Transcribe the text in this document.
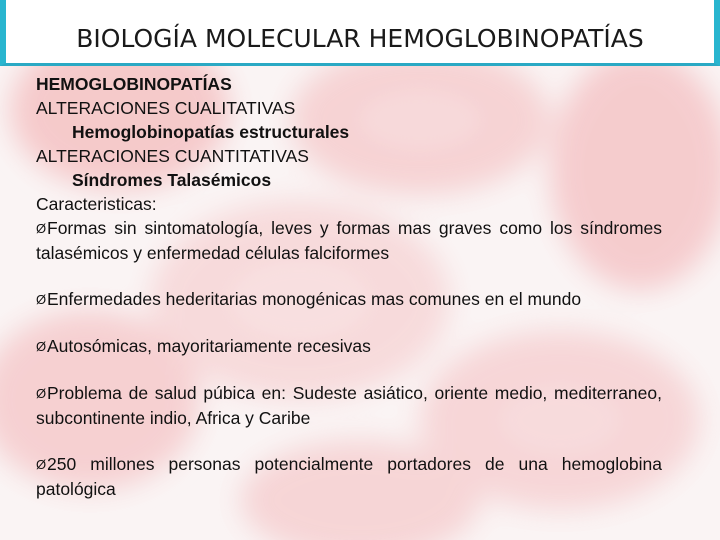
BIOLOGÍA MOLECULAR HEMOGLOBINOPATÍAS
HEMOGLOBINOPATÍAS
ALTERACIONES CUALITATIVAS
Hemoglobinopatías estructurales
ALTERACIONES CUANTITATIVAS
Síndromes Talasémicos
Caracteristicas:
ØFormas sin sintomatología, leves y formas mas graves como los síndromes talasémicos y enfermedad células falciformes
ØEnfermedades hederitarias monogénicas mas comunes en el mundo
ØAutosómicas, mayoritariamente recesivas
ØProblema de salud púbica en: Sudeste asiático, oriente medio, mediterraneo, subcontinente indio, Africa y Caribe
Ø250 millones personas potencialmente portadores de una hemoglobina patológica
